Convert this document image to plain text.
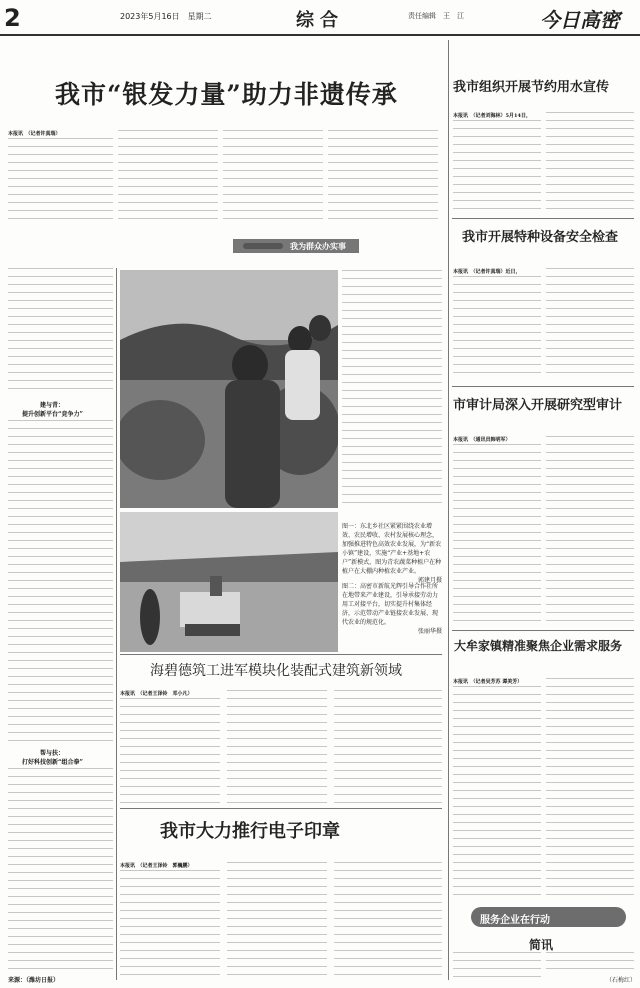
2	2023年5月16日　星期二	综合	责任编辑　王　江	今日高密
我市“银发力量”助力非遗传承
本报讯　（记者许真瑞）
我为群众办实事
建与青：
提升创新平台“竞争力”
帮与扶：
打好科技创新“组合拳”
来源：（潍坊日报）
图一：东北乡社区紧紧围绕农业增效、农民增收、农村发展核心理念，加强推进特色高效农业发展，为“新农小镇”建设，实施“产业+基地+农户”新模式，图为青农蔬菜种植户在种植户在大棚内种植农业产业。
郭建月摄
图二：高密市新航光辉引导合作社所在地带来产业建设，引导承接劳动力用工对接平台，切实提升村集体经济，示范带动产业链接农业发展、现代农业的规范化。
张丽华摄
海碧德筑工进军模块化装配式建筑新领域
本报讯　（记者王泽铃　邓小凡）
我市大力推行电子印章
本报讯　（记者王泽铃　郭巍鹏）
我市组织开展节约用水宣传
本报讯　（记者刘海林）5月14日，
我市开展特种设备安全检查
本报讯　（记者许真瑞）近日，
市审计局深入开展研究型审计
本报讯　（通讯员韩明军）
大牟家镇精准聚焦企业需求服务
本报讯　（记者吴芳苏 谭美芳）
服务企业在行动
简讯
（石梅红）
